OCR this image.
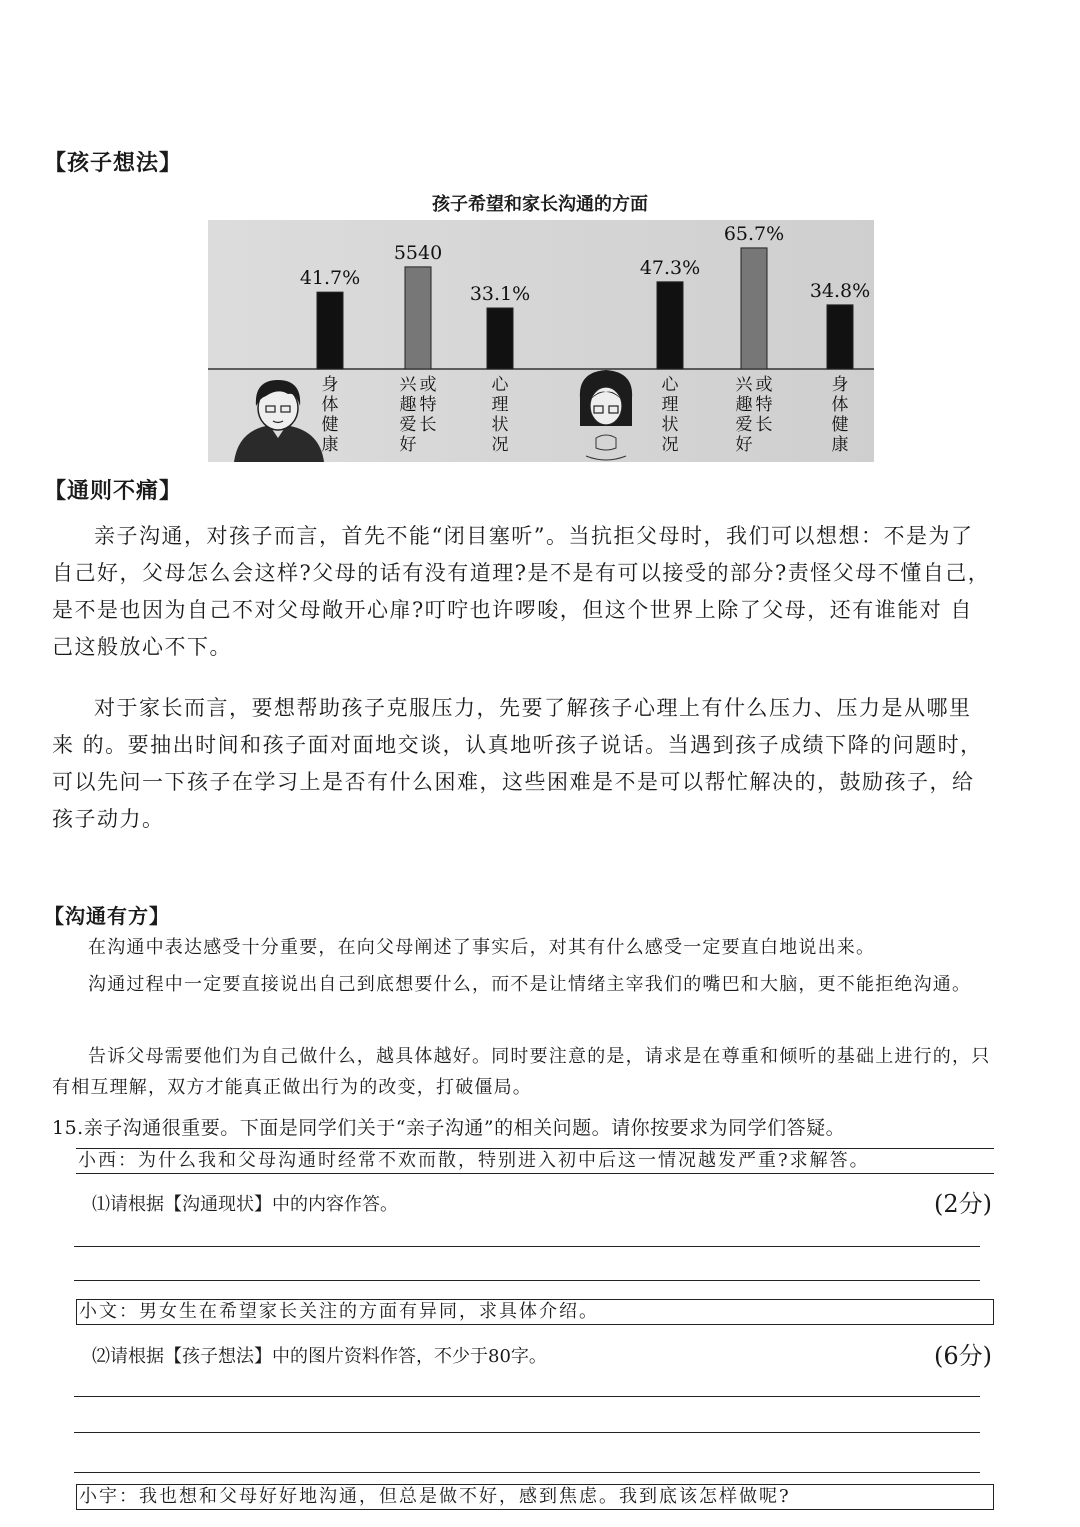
【孩子想法】
孩子希望和家长沟通的方面
41.7%
5540
33.1%
47.3%
65.7%
34.8%
身
体
健
康
兴
趣
爱
好
或
特
长
心
理
状
况
心
理
状
况
兴
趣
爱
好
或
特
长
身
体
健
康
【通则不痛】

亲子沟通，对孩子而言，首先不能“闭目塞听”。当抗拒父母时，我们可以想想：不是为了自己好，父母怎么会这样?父母的话有没有道理?是不是有可以接受的部分?责怪父母不懂自己，是不是也因为自己不对父母敞开心扉?叮咛也许啰唆，但这个世界上除了父母，还有谁能对 自己这般放心不下。

对于家长而言，要想帮助孩子克服压力，先要了解孩子心理上有什么压力、压力是从哪里来 的。要抽出时间和孩子面对面地交谈，认真地听孩子说话。当遇到孩子成绩下降的问题时，可以先问一下孩子在学习上是否有什么困难，这些困难是不是可以帮忙解决的，鼓励孩子，给孩子动力。

【沟通有方】

在沟通中表达感受十分重要，在向父母阐述了事实后，对其有什么感受一定要直白地说出来。

沟通过程中一定要直接说出自己到底想要什么，而不是让情绪主宰我们的嘴巴和大脑，更不能拒绝沟通。

告诉父母需要他们为自己做什么，越具体越好。同时要注意的是，请求是在尊重和倾听的基础上进行的，只有相互理解，双方才能真正做出行为的改变，打破僵局。

15.亲子沟通很重要。下面是同学们关于“亲子沟通”的相关问题。请你按要求为同学们答疑。
小西：为什么我和父母沟通时经常不欢而散，特别进入初中后这一情况越发严重?求解答。
⑴请根据【沟通现状】中的内容作答。	(2分)
小文：男女生在希望家长关注的方面有异同，求具体介绍。
⑵请根据【孩子想法】中的图片资料作答，不少于80字。	(6分)
小宇：我也想和父母好好地沟通，但总是做不好，感到焦虑。我到底该怎样做呢?
